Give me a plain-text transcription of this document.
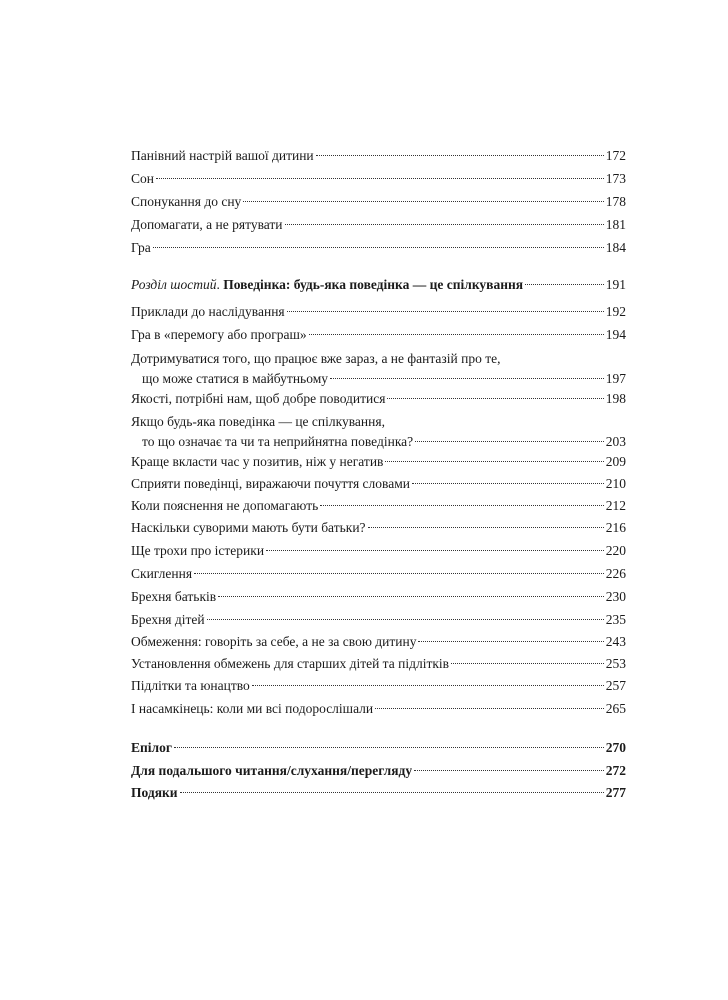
Панівний настрій вашої дитини	172
Сон	173
Спонукання до сну	178
Допомагати, а не рятувати	181
Гра	184
Розділ шостий. Поведінка: будь-яка поведінка — це спілкування	191
Приклади до наслідування	192
Гра в «перемогу або програш»	194
Дотримуватися того, що працює вже зараз, а не фантазій про те,
що може статися в майбутньому	197
Якості, потрібні нам, щоб добре поводитися	198
Якщо будь-яка поведінка — це спілкування,
то що означає та чи та неприйнятна поведінка?	203
Краще вкласти час у позитив, ніж у негатив	209
Сприяти поведінці, виражаючи почуття словами	210
Коли пояснення не допомагають	212
Наскільки суворими мають бути батьки?	216
Ще трохи про істерики	220
Скиглення	226
Брехня батьків	230
Брехня дітей	235
Обмеження: говоріть за себе, а не за свою дитину	243
Установлення обмежень для старших дітей та підлітків	253
Підлітки та юнацтво	257
І насамкінець: коли ми всі подорослішали	265
Епілог	270
Для подальшого читання/слухання/перегляду	272
Подяки	277
